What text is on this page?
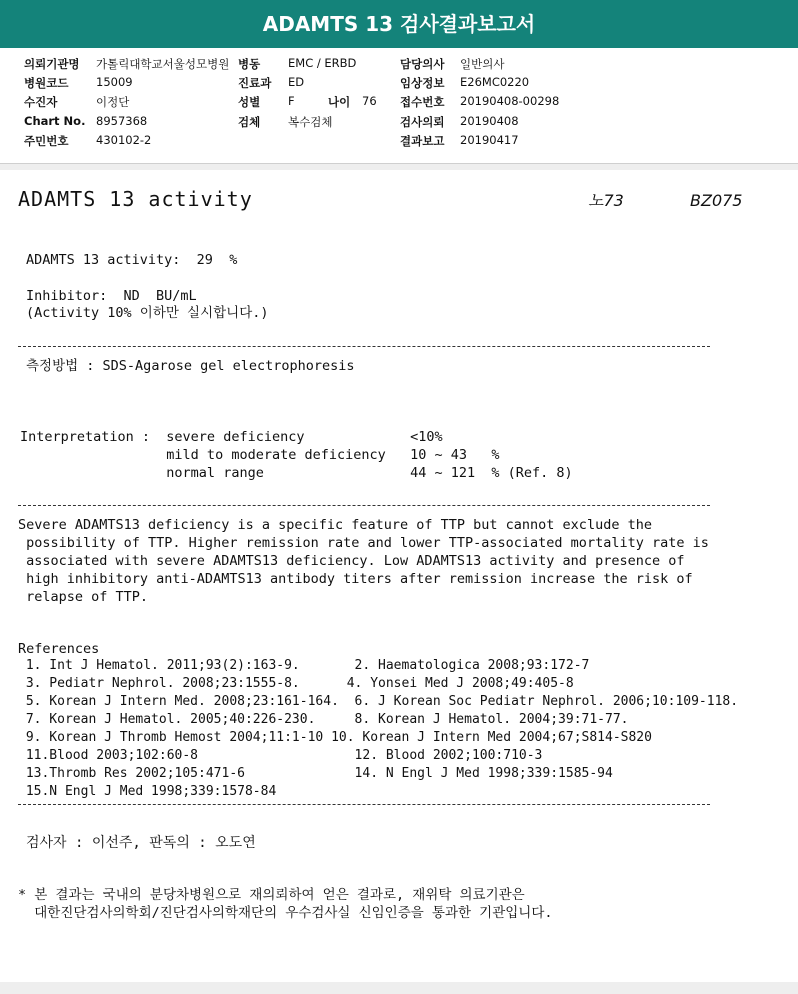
ADAMTS 13 검사결과보고서
의뢰기관명 가톨릭대학교서울성모병원 병동 EMC / ERBD	담당의사 일반의사
병원코드 15009	진료과 ED	임상정보 E26MC0220
수진자	이정단	성별 F	나이 76 접수번호 20190408-00298
Chart No. 8957368	검체 복수검체	검사의뢰 20190408
주민번호 430102-2	결과보고 20190417
ADAMTS 13 activity	노73	BZ075
ADAMTS 13 activity:  29  %
Inhibitor:  ND  BU/mL
(Activity 10% 이하만 실시합니다.)
측정방법 : SDS-Agarose gel electrophoresis
Interpretation :  severe deficiency             <10%
mild to moderate deficiency   10 ~ 43   %
normal range                  44 ~ 121  % (Ref. 8)
Severe ADAMTS13 deficiency is a specific feature of TTP but cannot exclude the
possibility of TTP. Higher remission rate and lower TTP-associated mortality rate is
associated with severe ADAMTS13 deficiency. Low ADAMTS13 activity and presence of
high inhibitory anti-ADAMTS13 antibody titers after remission increase the risk of
relapse of TTP.
References
1. Int J Hematol. 2011;93(2):163-9.       2. Haematologica 2008;93:172-7
3. Pediatr Nephrol. 2008;23:1555-8.      4. Yonsei Med J 2008;49:405-8
5. Korean J Intern Med. 2008;23:161-164.  6. J Korean Soc Pediatr Nephrol. 2006;10:109-118.
7. Korean J Hematol. 2005;40:226-230.     8. Korean J Hematol. 2004;39:71-77.
9. Korean J Thromb Hemost 2004;11:1-10 10. Korean J Intern Med 2004;67;S814-S820
11.Blood 2003;102:60-8                    12. Blood 2002;100:710-3
13.Thromb Res 2002;105:471-6              14. N Engl J Med 1998;339:1585-94
15.N Engl J Med 1998;339:1578-84
검사자 : 이선주, 판독의 : 오도연
* 본 결과는 국내의 분당차병원으로 재의뢰하여 얻은 결과로, 재위탁 의료기관은
대한진단검사의학회/진단검사의학재단의 우수검사실 신임인증을 통과한 기관입니다.
